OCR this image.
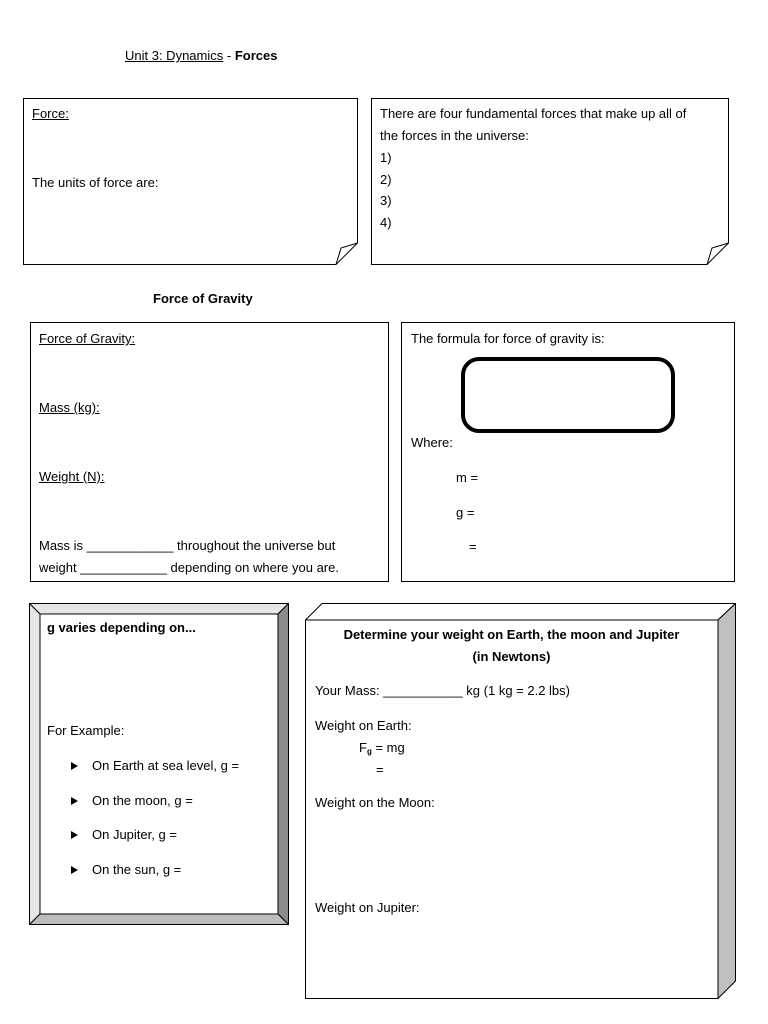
Unit 3: Dynamics - Forces
Force:
The units of force are:
There are four fundamental forces that make up all of
the forces in the universe:
1)
2)
3)
4)
Force of Gravity
Force of Gravity:
Mass (kg):
Weight (N):
Mass is ____________ throughout the universe but
weight ____________ depending on where you are.
The formula for force of gravity is:
Where:
m =
g =
=
g varies depending on...
For Example:
On Earth at sea level, g =
On the moon, g =
On Jupiter, g =
On the sun, g =
Determine your weight on Earth, the moon and Jupiter
(in Newtons)
Your Mass: ___________ kg (1 kg = 2.2 lbs)
Weight on Earth:
Fg = mg
=
Weight on the Moon:
Weight on Jupiter:
